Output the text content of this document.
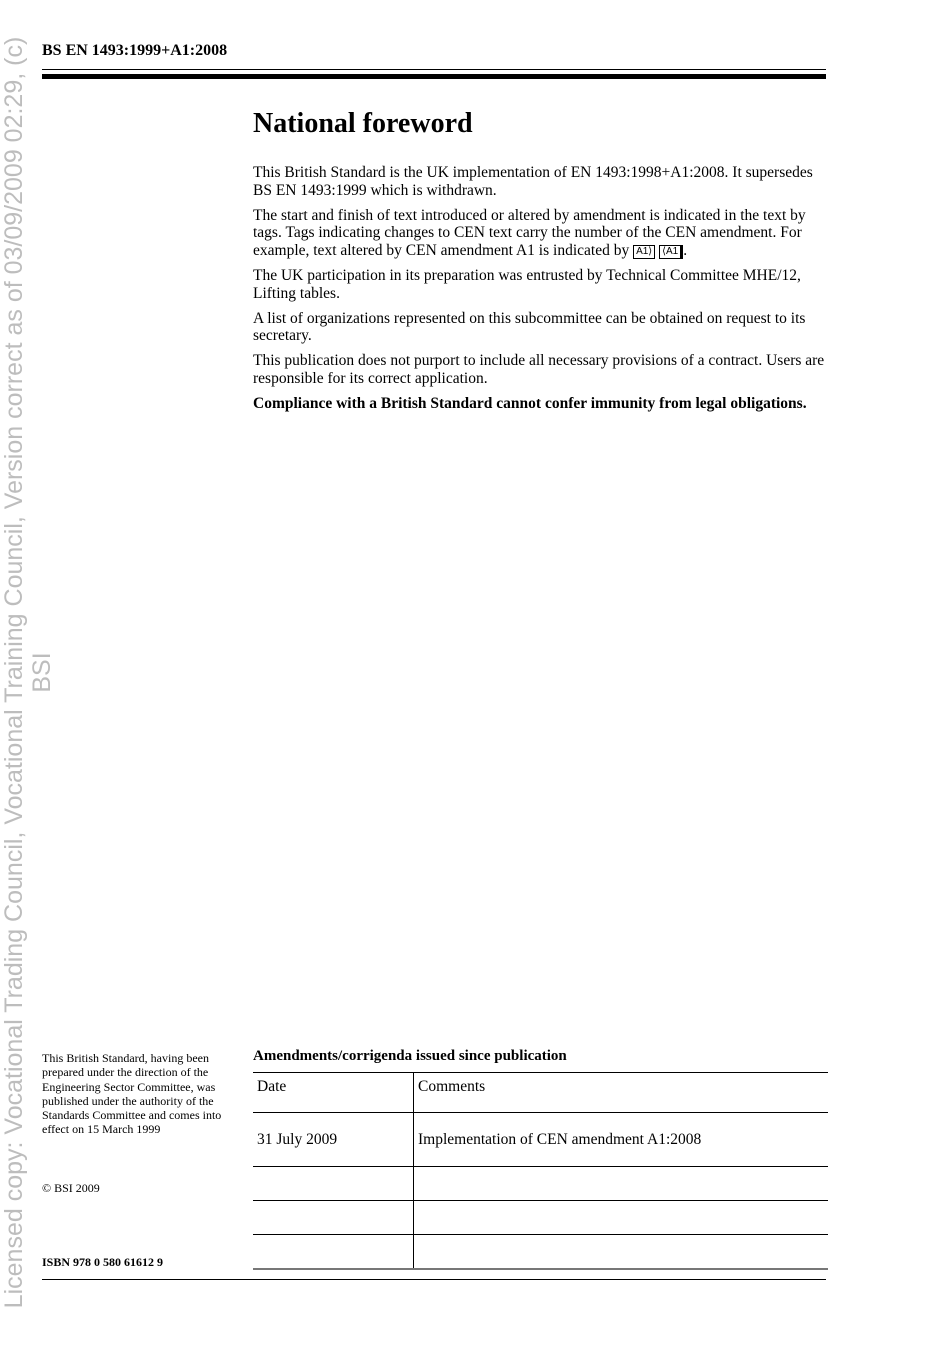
Licensed copy: Vocational Trading Council, Vocational Training Council, Version correct as of 03/09/2009 02:29, (c) BSI
BS EN 1493:1999+A1:2008
National foreword

This British Standard is the UK implementation of EN 1493:1998+A1:2008. It supersedes BS EN 1493:1999 which is withdrawn.

The start and finish of text introduced or altered by amendment is indicated in the text by tags. Tags indicating changes to CEN text carry the number of the CEN amendment. For example, text altered by CEN amendment A1 is indicated by A1⟩ ⟨A1 .

The UK participation in its preparation was entrusted by Technical Committee MHE/12, Lifting tables.

A list of organizations represented on this subcommittee can be obtained on request to its secretary.

This publication does not purport to include all necessary provisions of a contract. Users are responsible for its correct application.

Compliance with a British Standard cannot confer immunity from legal obligations.

This British Standard, having been prepared under the direction of the Engineering Sector Committee, was published under the authority of the Standards Committee and comes into effect on 15 March 1999
© BSI 2009
ISBN 978 0 580 61612 9
Amendments/corrigenda issued since publication
Date	Comments
31 July 2009	Implementation of CEN amendment A1:2008
